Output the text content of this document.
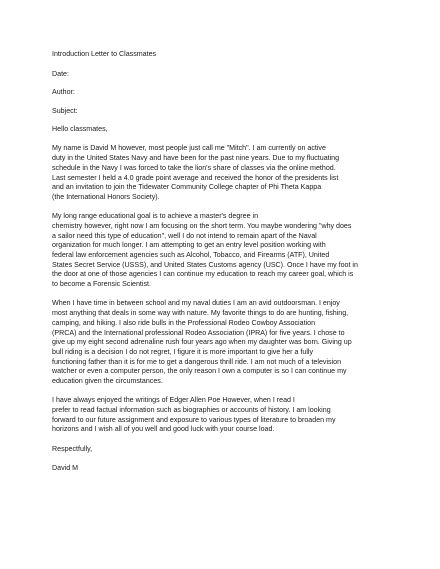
Introduction Letter to Classmates

Date:

Author:

Subject:

Hello classmates,

My name is David M however, most people just call me "Mitch". I am currently on active

duty in the United States Navy and have been for the past nine years. Due to my fluctuating

schedule in the Navy I was forced to take the lion's share of classes via the online method.

Last semester I held a 4.0 grade point average and received the honor of the presidents list

and an invitation to join the Tidewater Community College chapter of Phi Theta Kappa

(the International Honors Society).

My long range educational goal is to achieve a master's degree in

chemistry however, right now I am focusing on the short term. You maybe wondering "why does

a sailor need this type of education", well I do not intend to remain apart of the Naval

organization for much longer. I am attempting to get an entry level position working with

federal law enforcement agencies such as Alcohol, Tobacco, and Firearms (ATF), United

States Secret Service (USSS), and United States Customs agency (USC). Once I have my foot in

the door at one of those agencies I can continue my education to reach my career goal, which is

to become a Forensic Scientist.

When I have time in between school and my naval duties I am an avid outdoorsman. I enjoy

most anything that deals in some way with nature. My favorite things to do are hunting, fishing,

camping, and hiking. I also ride bulls in the Professional Rodeo Cowboy Association

(PRCA) and the International professional Rodeo Association (IPRA) for five years. I chose to

give up my eight second adrenaline rush four years ago when my daughter was born. Giving up

bull riding is a decision I do not regret, I figure it is more important to give her a fully

functioning father than it is for me to get a dangerous thrill ride. I am not much of a television

watcher or even a computer person, the only reason I own a computer is so I can continue my

education given the circumstances.

I have always enjoyed the writings of Edger Allen Poe However, when I read I

prefer to read factual information such as biographies or accounts of history. I am looking

forward to our future assignment and exposure to various types of literature to broaden my

horizons and I wish all of you well and good luck with your course load.

Respectfully,

David M
